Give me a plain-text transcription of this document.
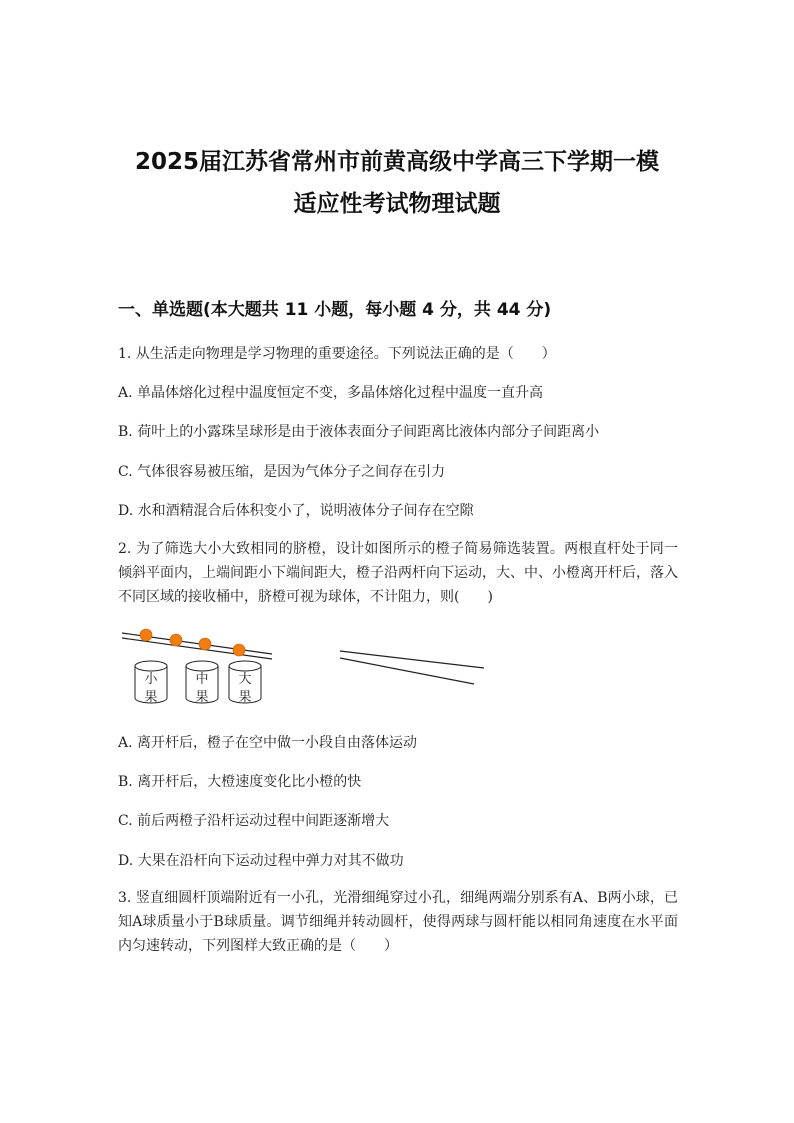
2025届江苏省常州市前黄高级中学高三下学期一模
适应性考试物理试题
一、单选题(本大题共 11 小题，每小题 4 分，共 44 分)
1. 从生活走向物理是学习物理的重要途径。下列说法正确的是（　　）
A. 单晶体熔化过程中温度恒定不变，多晶体熔化过程中温度一直升高
B. 荷叶上的小露珠呈球形是由于液体表面分子间距离比液体内部分子间距离小
C. 气体很容易被压缩，是因为气体分子之间存在引力
D. 水和酒精混合后体积变小了，说明液体分子间存在空隙
2. 为了筛选大小大致相同的脐橙，设计如图所示的橙子简易筛选装置。两根直杆处于同一倾斜平面内，上端间距小下端间距大，橙子沿两杆向下运动，大、中、小橙离开杆后，落入不同区域的接收桶中，脐橙可视为球体，不计阻力，则(　　)
小
果
中
果
大
果
A. 离开杆后，橙子在空中做一小段自由落体运动
B. 离开杆后，大橙速度变化比小橙的快
C. 前后两橙子沿杆运动过程中间距逐渐增大
D. 大果在沿杆向下运动过程中弹力对其不做功
3. 竖直细圆杆顶端附近有一小孔，光滑细绳穿过小孔，细绳两端分别系有A、B两小球，已知A球质量小于B球质量。调节细绳并转动圆杆，使得两球与圆杆能以相同角速度在水平面内匀速转动，下列图样大致正确的是（　　）
